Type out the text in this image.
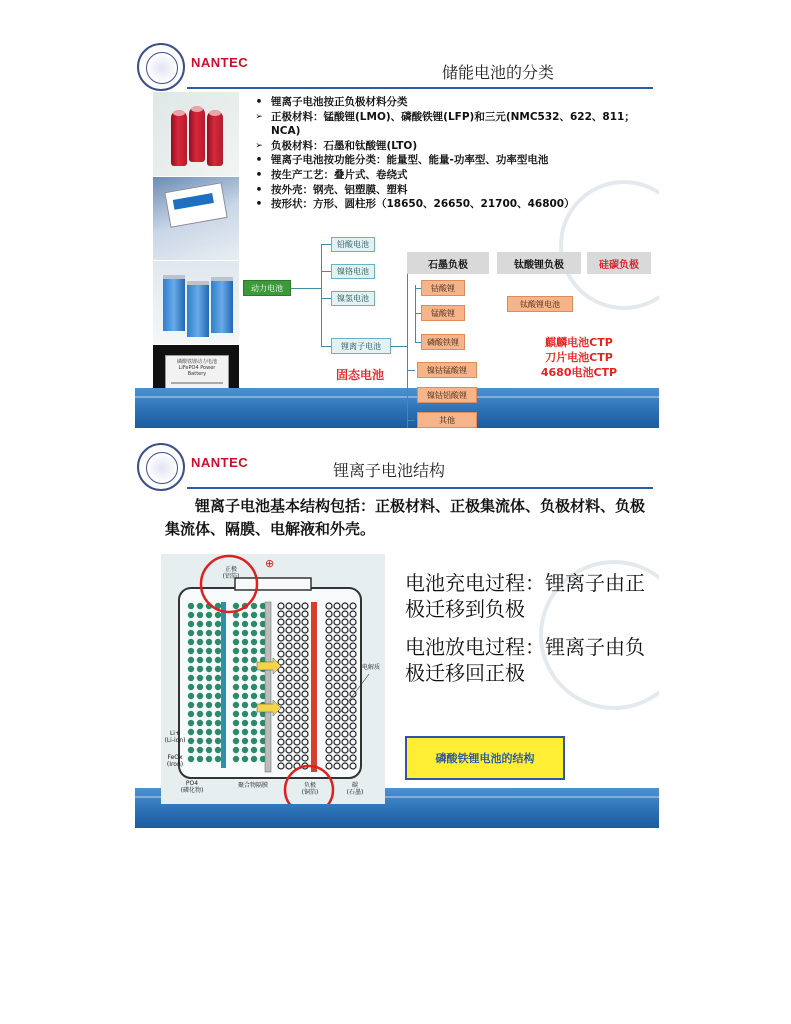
NANTEC
储能电池的分类
磷酸铁锂动力电池 LiFePO4 Power Battery
• 锂离子电池按正负极材料分类
➢ 正极材料：锰酸锂(LMO)、磷酸铁锂(LFP)和三元(NMC532、622、811；NCA)
➢ 负极材料：石墨和钛酸锂(LTO)
• 锂离子电池按功能分类：能量型、能量-功率型、功率型电池
• 按生产工艺：叠片式、卷绕式
• 按外壳：钢壳、铝塑膜、塑料
• 按形状：方形、圆柱形（18650、26650、21700、46800）
动力电池
铅酸电池
镍铬电池
镍氢电池
锂离子电池
石墨负极	钛酸锂负极	硅碳负极
钴酸锂
锰酸锂
磷酸铁锂
钛酸锂电池
镍钴锰酸锂
镍钴铝酸锂
其他
固态电池
麒麟电池CTP
刀片电池CTP
4680电池CTP
NANTEC	锂离子电池结构
锂离子电池基本结构包括：正极材料、正极集流体、负极材料、负极集流体、隔膜、电解液和外壳。
⊕
正极
(铝箔)
Li+
(Li-ion)
FeOx
(Iron)
PO4
(磷化物)
聚合物隔膜	负极
(铜箔)
碳
(石墨)
电解质
电池充电过程：锂离子由正极迁移到负极
电池放电过程：锂离子由负极迁移回正极
磷酸铁锂电池的结构
